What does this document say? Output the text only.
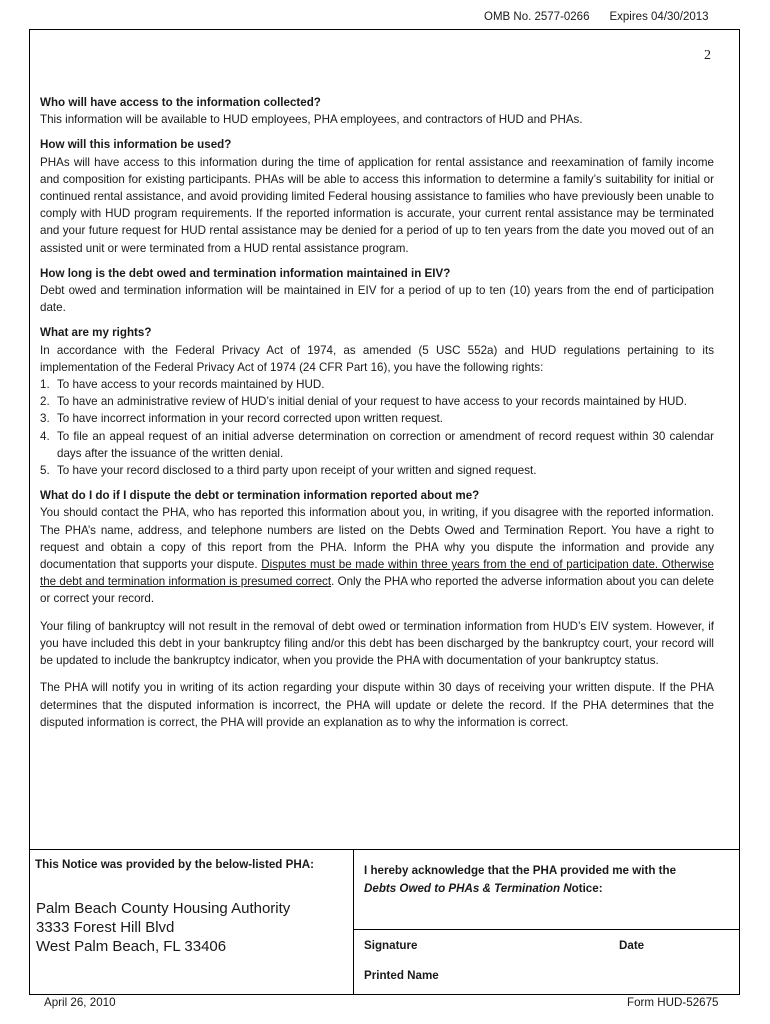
OMB No. 2577-0266 Expires 04/30/2013
2

Who will have access to the information collected?

This information will be available to HUD employees, PHA employees, and contractors of HUD and PHAs.

How will this information be used?

PHAs will have access to this information during the time of application for rental assistance and reexamination of family income and composition for existing participants. PHAs will be able to access this information to determine a family’s suitability for initial or continued rental assistance, and avoid providing limited Federal housing assistance to families who have previously been unable to comply with HUD program requirements. If the reported information is accurate, your current rental assistance may be terminated and your future request for HUD rental assistance may be denied for a period of up to ten years from the date you moved out of an assisted unit or were terminated from a HUD rental assistance program.

How long is the debt owed and termination information maintained in EIV?

Debt owed and termination information will be maintained in EIV for a period of up to ten (10) years from the end of participation date.

What are my rights?

In accordance with the Federal Privacy Act of 1974, as amended (5 USC 552a) and HUD regulations pertaining to its implementation of the Federal Privacy Act of 1974 (24 CFR Part 16), you have the following rights:

1. To have access to your records maintained by HUD.
2. To have an administrative review of HUD’s initial denial of your request to have access to your records maintained by HUD.
3. To have incorrect information in your record corrected upon written request.
4. To file an appeal request of an initial adverse determination on correction or amendment of record request within 30 calendar days after the issuance of the written denial.
5. To have your record disclosed to a third party upon receipt of your written and signed request.

What do I do if I dispute the debt or termination information reported about me?

You should contact the PHA, who has reported this information about you, in writing, if you disagree with the reported information. The PHA’s name, address, and telephone numbers are listed on the Debts Owed and Termination Report. You have a right to request and obtain a copy of this report from the PHA. Inform the PHA why you dispute the information and provide any documentation that supports your dispute. Disputes must be made within three years from the end of participation date. Otherwise the debt and termination information is presumed correct. Only the PHA who reported the adverse information about you can delete or correct your record.

Your filing of bankruptcy will not result in the removal of debt owed or termination information from HUD’s EIV system. However, if you have included this debt in your bankruptcy filing and/or this debt has been discharged by the bankruptcy court, your record will be updated to include the bankruptcy indicator, when you provide the PHA with documentation of your bankruptcy status.

The PHA will notify you in writing of its action regarding your dispute within 30 days of receiving your written dispute. If the PHA determines that the disputed information is incorrect, the PHA will update or delete the record. If the PHA determines that the disputed information is correct, the PHA will provide an explanation as to why the information is correct.

This Notice was provided by the below-listed PHA:	I hereby acknowledge that the PHA provided me with the
Debts Owed to PHAs & Termination Notice:
Palm Beach County Housing Authority
3333 Forest Hill Blvd
West Palm Beach, FL 33406	Signature	Date
Printed Name
April 26, 2010	Form HUD-52675
